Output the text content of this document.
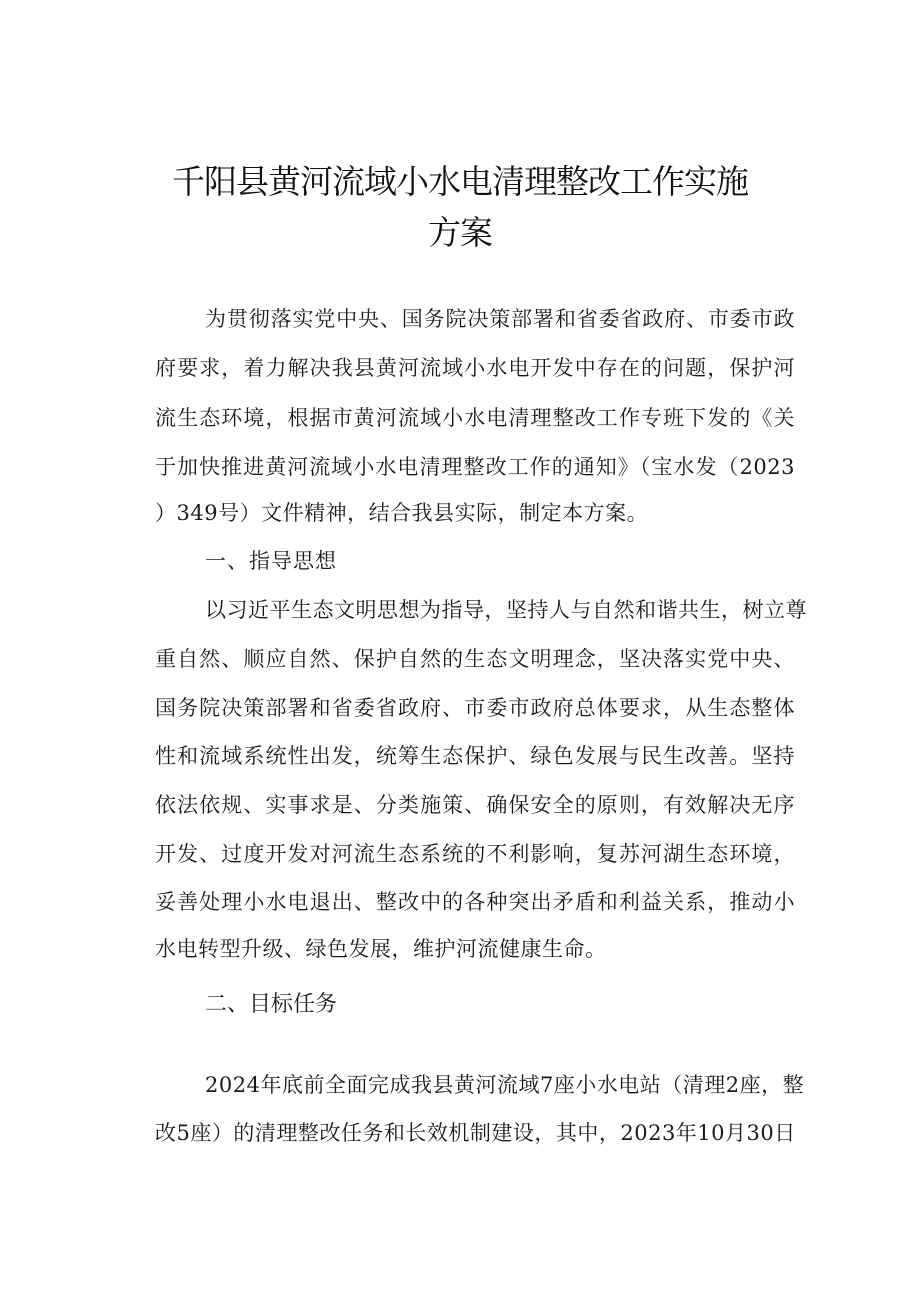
千阳县黄河流域小水电清理整改工作实施
方案
为贯彻落实党中央、国务院决策部署和省委省政府、市委市政
府要求，着力解决我县黄河流域小水电开发中存在的问题，保护河
流生态环境，根据市黄河流域小水电清理整改工作专班下发的《关
于加快推进黄河流域小水电清理整改工作的通知》（宝水发（2023
）349号）文件精神，结合我县实际，制定本方案。
一、指导思想
以习近平生态文明思想为指导，坚持人与自然和谐共生，树立尊
重自然、顺应自然、保护自然的生态文明理念，坚决落实党中央、
国务院决策部署和省委省政府、市委市政府总体要求，从生态整体
性和流域系统性出发，统筹生态保护、绿色发展与民生改善。坚持
依法依规、实事求是、分类施策、确保安全的原则，有效解决无序
开发、过度开发对河流生态系统的不利影响，复苏河湖生态环境，
妥善处理小水电退出、整改中的各种突出矛盾和利益关系，推动小
水电转型升级、绿色发展，维护河流健康生命。
二、目标任务
2024年底前全面完成我县黄河流域7座小水电站（清理2座，整
改5座）的清理整改任务和长效机制建设，其中，2023年10月30日
